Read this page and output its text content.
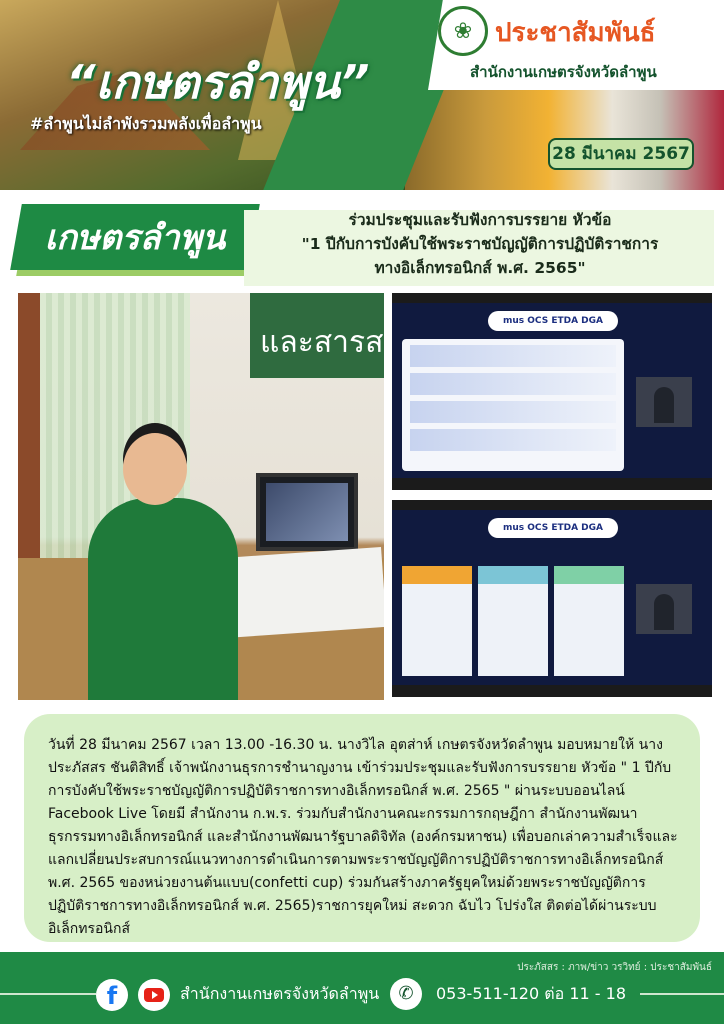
❀ ประชาสัมพันธ์
สำนักงานเกษตรจังหวัดลำพูน
“เกษตรลำพูน”
#ลำพูนไม่ลำพังรวมพลังเพื่อลำพูน
28 มีนาคม 2567
เกษตรลำพูน	ร่วมประชุมและรับฟังการบรรยาย หัวข้อ
"1 ปีกับการบังคับใช้พระราชบัญญัติการปฏิบัติราชการ
ทางอิเล็กทรอนิกส์ พ.ศ. 2565"
และสารส
mus OCS ETDA DGA
mus OCS ETDA DGA
วันที่ 28 มีนาคม 2567 เวลา 13.00 -16.30 น. นางวิไล อุตส่าห์ เกษตรจังหวัดลำพูน มอบหมายให้ นางประภัสสร ชันติสิทธิ์ เจ้าพนักงานธุรการชำนาญงาน เข้าร่วมประชุมและรับฟังการบรรยาย หัวข้อ " 1 ปีกับการบังคับใช้พระราชบัญญัติการปฏิบัติราชการทางอิเล็กทรอนิกส์ พ.ศ. 2565 " ผ่านระบบออนไลน์ Facebook Live โดยมี สำนักงาน ก.พ.ร. ร่วมกับสำนักงานคณะกรรมการกฤษฎีกา สำนักงานพัฒนาธุรกรรมทางอิเล็กทรอนิกส์ และสำนักงานพัฒนารัฐบาลดิจิทัล (องค์กรมหาชน) เพื่อบอกเล่าความสำเร็จและแลกเปลี่ยนประสบการณ์แนวทางการดำเนินการตามพระราชบัญญัติการปฏิบัติราชการทางอิเล็กทรอนิกส์ พ.ศ. 2565 ของหน่วยงานต้นแบบ(confetti cup) ร่วมกันสร้างภาครัฐยุคใหม่ด้วยพระราชบัญญัติการปฏิบัติราชการทางอิเล็กทรอนิกส์ พ.ศ. 2565)ราชการยุคใหม่ สะดวก ฉับไว โปร่งใส ติดต่อได้ผ่านระบบอิเล็กทรอนิกส์
ประภัสสร : ภาพ/ข่าว วรวิทย์ : ประชาสัมพันธ์
f	สำนักงานเกษตรจังหวัดลำพูน	✆	053-511-120 ต่อ 11 - 18
